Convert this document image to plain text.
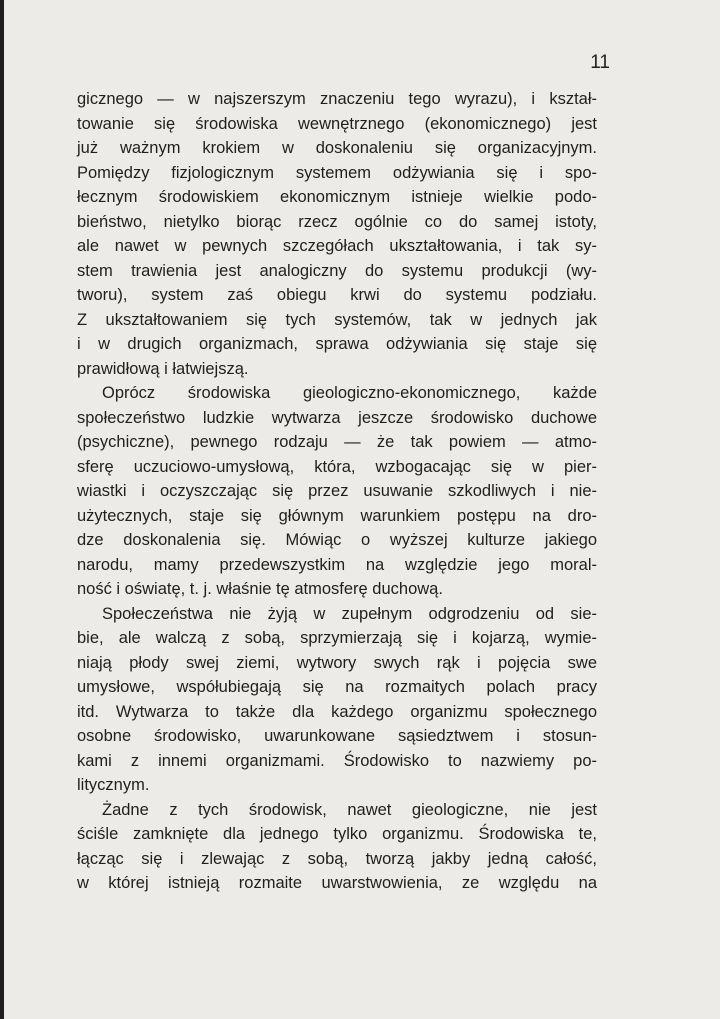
11
gicznego — w najszerszym znaczeniu tego wyrazu), i kształ-
towanie się środowiska wewnętrznego (ekonomicznego) jest
już ważnym krokiem w doskonaleniu się organizacyjnym.
Pomiędzy fizjologicznym systemem odżywiania się i spo-
łecznym środowiskiem ekonomicznym istnieje wielkie podo-
bieństwo, nietylko biorąc rzecz ogólnie co do samej istoty,
ale nawet w pewnych szczegółach ukształtowania, i tak sy-
stem trawienia jest analogiczny do systemu produkcji (wy-
tworu), system zaś obiegu krwi do systemu podziału.
Z ukształtowaniem się tych systemów, tak w jednych jak
i w drugich organizmach, sprawa odżywiania się staje się
prawidłową i łatwiejszą.
Oprócz środowiska gieologiczno-ekonomicznego, każde
społeczeństwo ludzkie wytwarza jeszcze środowisko duchowe
(psychiczne), pewnego rodzaju — że tak powiem — atmo-
sferę uczuciowo-umysłową, która, wzbogacając się w pier-
wiastki i oczyszczając się przez usuwanie szkodliwych i nie-
użytecznych, staje się głównym warunkiem postępu na dro-
dze doskonalenia się. Mówiąc o wyższej kulturze jakiego
narodu, mamy przedewszystkim na względzie jego moral-
ność i oświatę, t. j. właśnie tę atmosferę duchową.
Społeczeństwa nie żyją w zupełnym odgrodzeniu od sie-
bie, ale walczą z sobą, sprzymierzają się i kojarzą, wymie-
niają płody swej ziemi, wytwory swych rąk i pojęcia swe
umysłowe, współubiegają się na rozmaitych polach pracy
itd. Wytwarza to także dla każdego organizmu społecznego
osobne środowisko, uwarunkowane sąsiedztwem i stosun-
kami z innemi organizmami. Środowisko to nazwiemy po-
litycznym.
Żadne z tych środowisk, nawet gieologiczne, nie jest
ściśle zamknięte dla jednego tylko organizmu. Środowiska te,
łącząc się i zlewając z sobą, tworzą jakby jedną całość,
w której istnieją rozmaite uwarstwowienia, ze względu na
